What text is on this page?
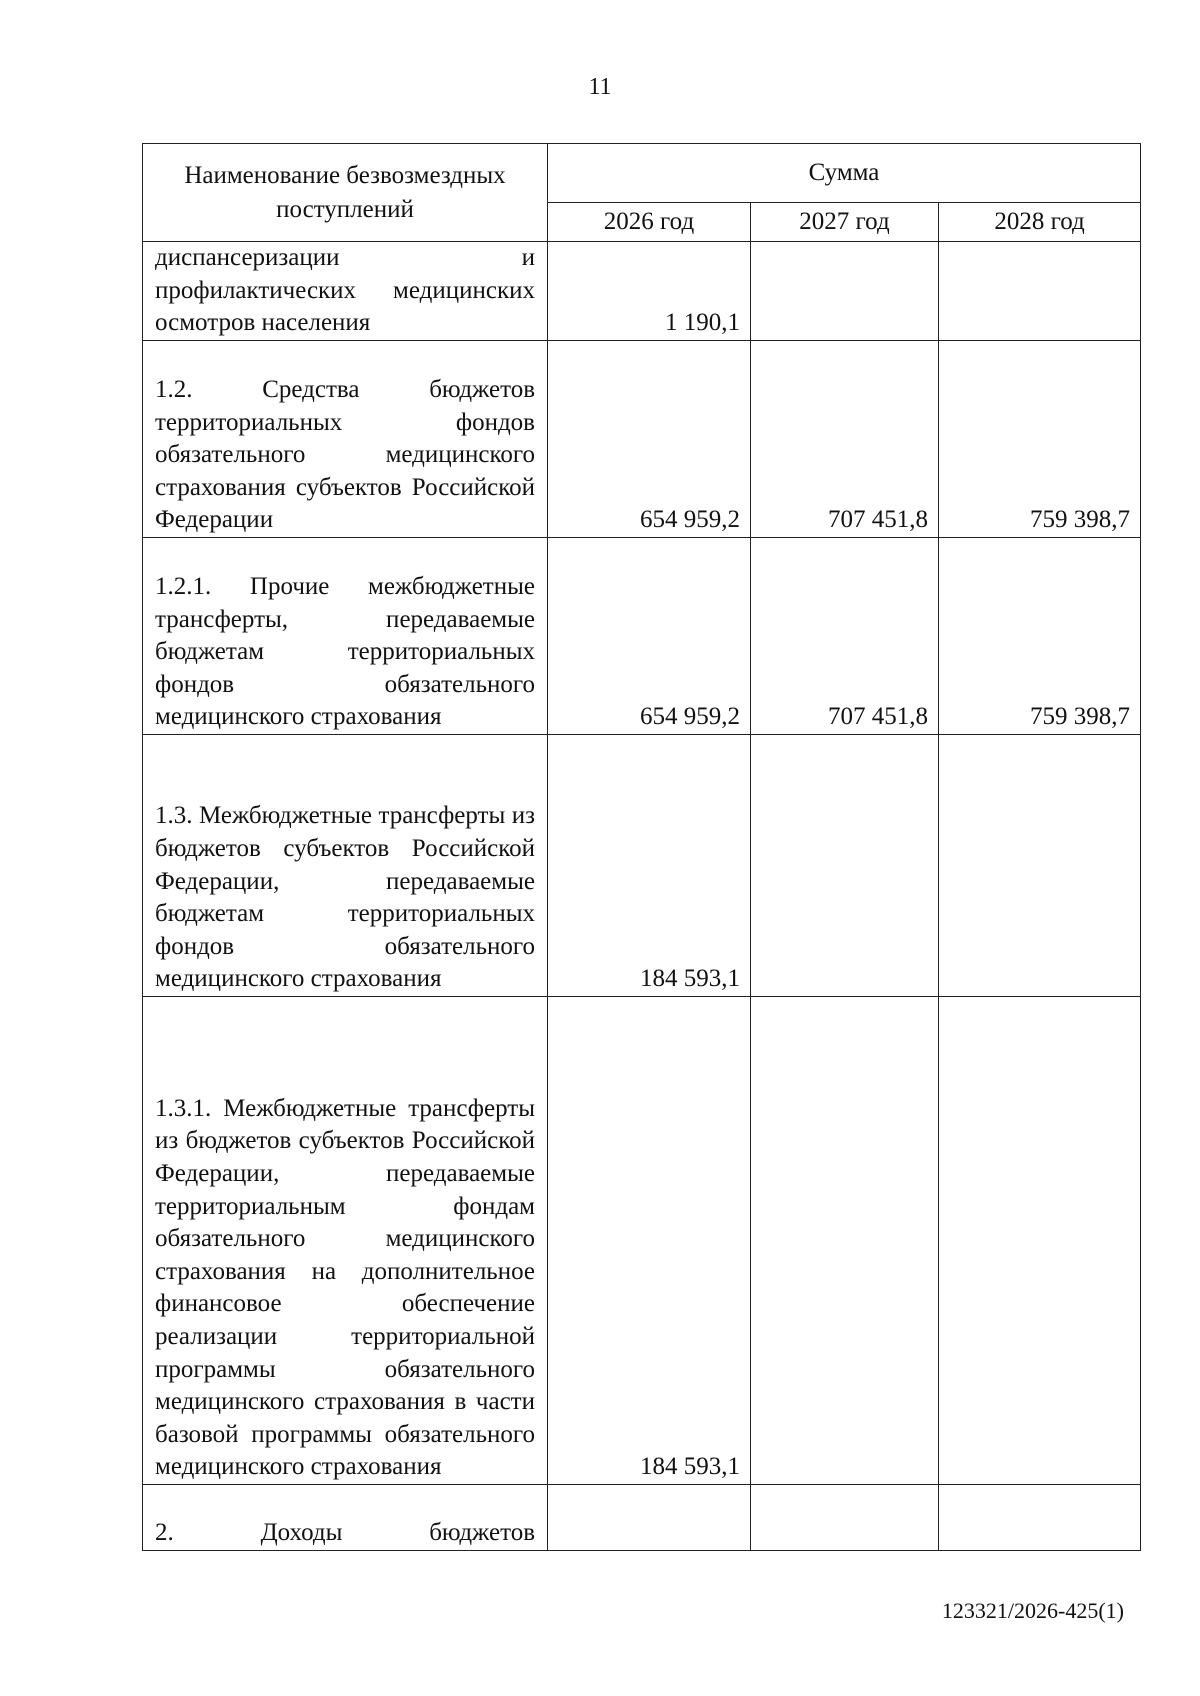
11
Наименование безвозмездных поступлений	Сумма		
	2026 год	2027 год	2028 год

диспансеризации и профилактических медицинских осмотров населения	1 190,1		

1.2. Средства бюджетов территориальных фондов обязательного медицинского страхования субъектов Российской Федерации	654 959,2	707 451,8	759 398,7

1.2.1. Прочие межбюджетные трансферты, передаваемые бюджетам территориальных фондов обязательного медицинского страхования	654 959,2	707 451,8	759 398,7

1.3. Межбюджетные трансферты из бюджетов субъектов Российской Федерации, передаваемые бюджетам территориальных фондов обязательного медицинского страхования	184 593,1		

1.3.1. Межбюджетные трансферты из бюджетов субъектов Российской Федерации, передаваемые территориальным фондам обязательного медицинского страхования на дополнительное финансовое обеспечение реализации территориальной программы обязательного медицинского страхования в части базовой программы обязательного медицинского страхования	184 593,1		

2. Доходы бюджетов			

123321/2026-425(1)
